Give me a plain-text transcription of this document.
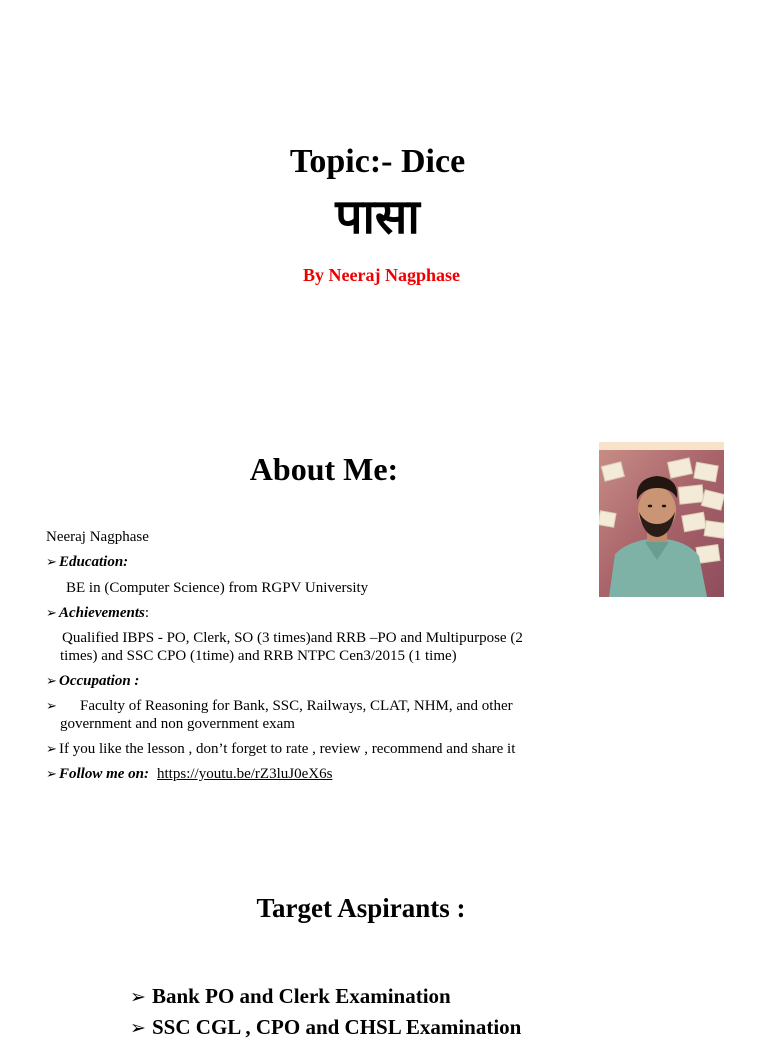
Topic:- Dice
पासा
By Neeraj Nagphase
About Me:
Neeraj Nagphase
➢ Education:
BE in (Computer Science) from RGPV University
➢ Achievements:
Qualified IBPS - PO, Clerk, SO (3 times)and RRB –PO and Multipurpose (2
times) and SSC CPO (1time) and RRB NTPC Cen3/2015 (1 time)
➢ Occupation :
➢ Faculty of Reasoning for Bank, SSC, Railways, CLAT, NHM, and other
government and non government exam
➢ If you like the lesson , don’t forget to rate , review , recommend and share it
➢ Follow me on: https://youtu.be/rZ3luJ0eX6s
Target Aspirants :
➢ Bank PO and Clerk Examination
➢ SSC CGL , CPO and CHSL Examination
